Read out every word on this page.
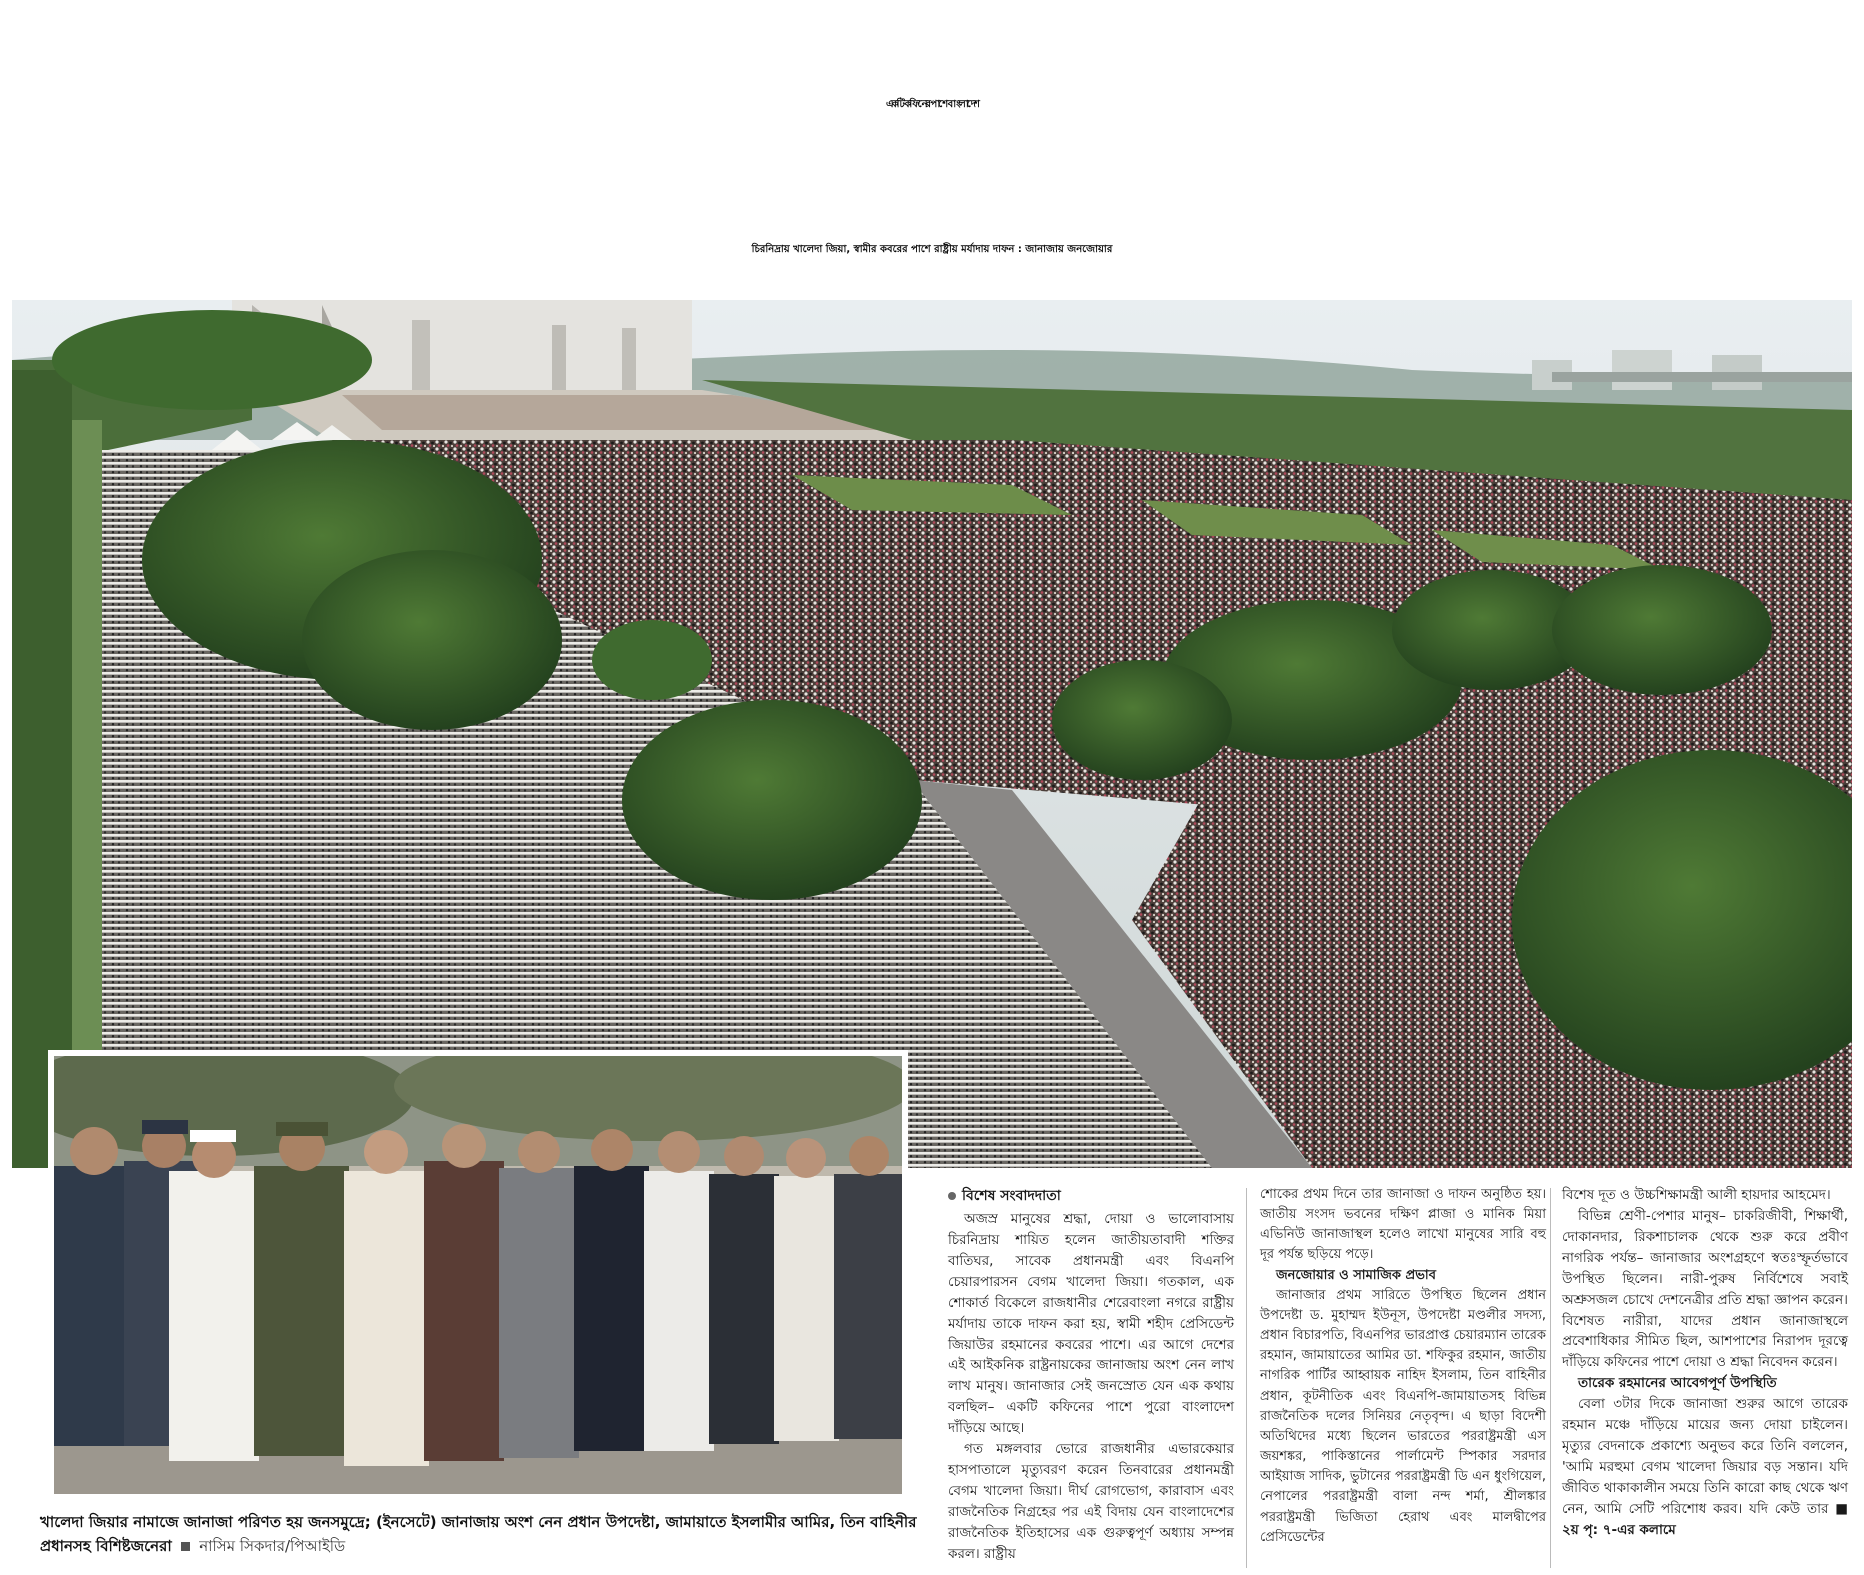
একটি কফিনের পাশে বাংলাদেশ
চিরনিদ্রায় খালেদা জিয়া, স্বামীর কবরের পাশে রাষ্ট্রীয় মর্যাদায় দাফন : জানাজায় জনজোয়ার
খালেদা জিয়ার নামাজে জানাজা পরিণত হয় জনসমুদ্রে; (ইনসেটে) জানাজায় অংশ নেন প্রধান উপদেষ্টা, জামায়াতে ইসলামীর আমির, তিন বাহিনীর প্রধানসহ বিশিষ্টজনেরা নাসিম সিকদার/পিআইডি
বিশেষ সংবাদদাতা

অজস্র মানুষের শ্রদ্ধা, দোয়া ও ভালোবাসায় চিরনিদ্রায় শায়িত হলেন জাতীয়তাবাদী শক্তির বাতিঘর, সাবেক প্রধানমন্ত্রী এবং বিএনপি চেয়ারপারসন বেগম খালেদা জিয়া। গতকাল, এক শোকার্ত বিকেলে রাজধানীর শেরেবাংলা নগরে রাষ্ট্রীয় মর্যাদায় তাকে দাফন করা হয়, স্বামী শহীদ প্রেসিডেন্ট জিয়াউর রহমানের কবরের পাশে। এর আগে দেশের এই আইকনিক রাষ্ট্রনায়কের জানাজায় অংশ নেন লাখ লাখ মানুষ। জানাজার সেই জনস্রোত যেন এক কথায় বলছিল– একটি কফিনের পাশে পুরো বাংলাদেশ দাঁড়িয়ে আছে।

গত মঙ্গলবার ভোরে রাজধানীর এভারকেয়ার হাসপাতালে মৃত্যুবরণ করেন তিনবারের প্রধানমন্ত্রী বেগম খালেদা জিয়া। দীর্ঘ রোগভোগ, কারাবাস এবং রাজনৈতিক নিগ্রহের পর এই বিদায় যেন বাংলাদেশের রাজনৈতিক ইতিহাসের এক গুরুত্বপূর্ণ অধ্যায় সম্পন্ন করল। রাষ্ট্রীয়

শোকের প্রথম দিনে তার জানাজা ও দাফন অনুষ্ঠিত হয়। জাতীয় সংসদ ভবনের দক্ষিণ প্লাজা ও মানিক মিয়া এভিনিউ জানাজাস্থল হলেও লাখো মানুষের সারি বহু দূর পর্যন্ত ছড়িয়ে পড়ে।

জনজোয়ার ও সামাজিক প্রভাব

জানাজার প্রথম সারিতে উপস্থিত ছিলেন প্রধান উপদেষ্টা ড. মুহাম্মদ ইউনূস, উপদেষ্টা মণ্ডলীর সদস্য, প্রধান বিচারপতি, বিএনপির ভারপ্রাপ্ত চেয়ারম্যান তারেক রহমান, জামায়াতের আমির ডা. শফিকুর রহমান, জাতীয় নাগরিক পার্টির আহ্বায়ক নাহিদ ইসলাম, তিন বাহিনীর প্রধান, কূটনীতিক এবং বিএনপি-জামায়াতসহ বিভিন্ন রাজনৈতিক দলের সিনিয়র নেতৃবৃন্দ। এ ছাড়া বিদেশী অতিথিদের মধ্যে ছিলেন ভারতের পররাষ্ট্রমন্ত্রী এস জয়শঙ্কর, পাকিস্তানের পার্লামেন্ট স্পিকার সরদার আইয়াজ সাদিক, ভুটানের পররাষ্ট্রমন্ত্রী ডি এন ধুংগিয়েল, নেপালের পররাষ্ট্রমন্ত্রী বালা নন্দ শর্মা, শ্রীলঙ্কার পররাষ্ট্রমন্ত্রী ভিজিতা হেরাথ এবং মালদ্বীপের প্রেসিডেন্টের

বিশেষ দূত ও উচ্চশিক্ষামন্ত্রী আলী হায়দার আহমেদ।

বিভিন্ন শ্রেণী-পেশার মানুষ– চাকরিজীবী, শিক্ষার্থী, দোকানদার, রিকশাচালক থেকে শুরু করে প্রবীণ নাগরিক পর্যন্ত– জানাজার অংশগ্রহণে স্বতঃস্ফূর্তভাবে উপস্থিত ছিলেন। নারী-পুরুষ নির্বিশেষে সবাই অশ্রুসজল চোখে দেশনেত্রীর প্রতি শ্রদ্ধা জ্ঞাপন করেন। বিশেষত নারীরা, যাদের প্রধান জানাজাস্থলে প্রবেশাধিকার সীমিত ছিল, আশপাশের নিরাপদ দূরত্বে দাঁড়িয়ে কফিনের পাশে দোয়া ও শ্রদ্ধা নিবেদন করেন।

তারেক রহমানের আবেগপূর্ণ উপস্থিতি

বেলা ৩টার দিকে জানাজা শুরুর আগে তারেক রহমান মঞ্চে দাঁড়িয়ে মায়ের জন্য দোয়া চাইলেন। মৃত্যুর বেদনাকে প্রকাশ্যে অনুভব করে তিনি বললেন, 'আমি মরহুমা বেগম খালেদা জিয়ার বড় সন্তান। যদি জীবিত থাকাকালীন সময়ে তিনি কারো কাছ থেকে ঋণ নেন, আমি সেটি পরিশোধ করব। যদি কেউ তার ■ ২য় পৃ: ৭-এর কলামে
